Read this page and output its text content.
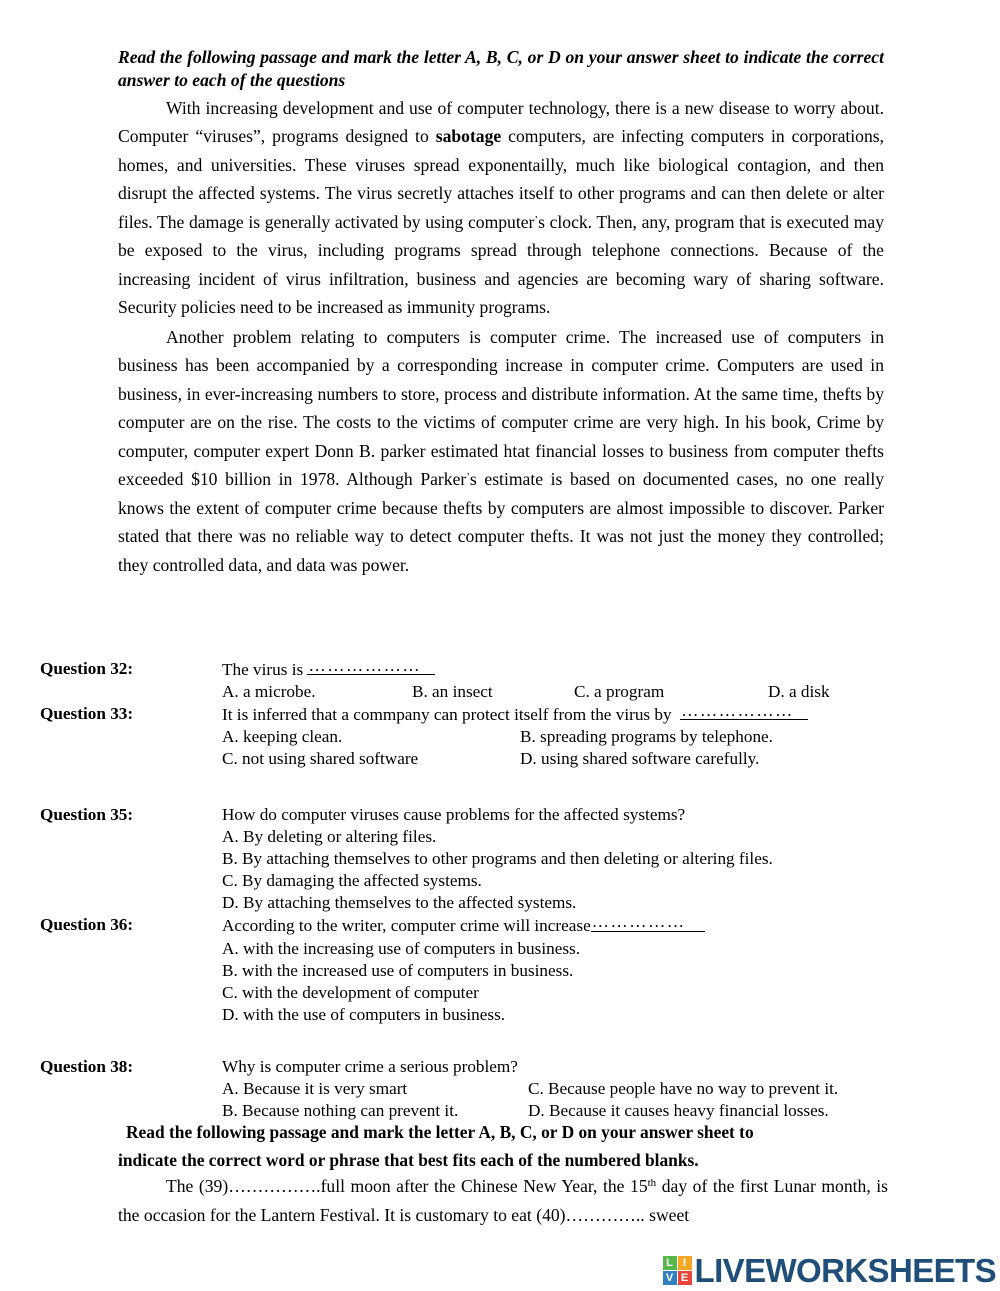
Read the following passage and mark the letter A, B, C, or D on your answer sheet to indicate the correct answer to each of the questions

With increasing development and use of computer technology, there is a new disease to worry about. Computer “viruses”, programs designed to sabotage computers, are infecting computers in corporations, homes, and universities. These viruses spread exponentailly, much like biological contagion, and then disrupt the affected systems. The virus secretly attaches itself to other programs and can then delete or alter files. The damage is generally activated by using computer’s clock. Then, any, program that is executed may be exposed to the virus, including programs spread through telephone connections. Because of the increasing incident of virus infiltration, business and agencies are becoming wary of sharing software. Security policies need to be increased as immunity programs.

Another problem relating to computers is computer crime. The increased use of computers in business has been accompanied by a corresponding increase in computer crime. Computers are used in business, in ever-increasing numbers to store, process and distribute information. At the same time, thefts by computer are on the rise. The costs to the victims of computer crime are very high. In his book, Crime by computer, computer expert Donn B. parker estimated htat financial losses to business from computer thefts exceeded $10 billion in 1978. Although Parker’s estimate is based on documented cases, no one really knows the extent of computer crime because thefts by computers are almost impossible to discover. Parker stated that there was no reliable way to detect computer thefts. It was not just the money they controlled; they controlled data, and data was power.

Question 32:	The virus is ………………
A. a microbe.	B. an insect	C. a program	D. a disk
Question 33:	It is inferred that a commpany can protect itself from the virus by ………………
A. keeping clean.	B. spreading programs by telephone.
C. not using shared software	D. using shared software carefully.
Question 35:	How do computer viruses cause problems for the affected systems?
A. By deleting or altering files.
B. By attaching themselves to other programs and then deleting or altering files.
C. By damaging the affected systems.
D. By attaching themselves to the affected systems.
Question 36:	According to the writer, computer crime will increase ……………
A. with the increasing use of computers in business.
B. with the increased use of computers in business.
C. with the development of computer
D. with the use of computers in business.
Question 38:	Why is computer crime a serious problem?
A. Because it is very smart	C. Because people have no way to prevent it.
B. Because nothing can prevent it.	D. Because it causes heavy financial losses.
Read the following passage and mark the letter A, B, C, or D on your answer sheet to
indicate the correct word or phrase that best fits each of the numbered blanks.
The (39)…………….full moon after the Chinese New Year, the 15th day of the first Lunar month, is the occasion for the Lantern Festival. It is customary to eat (40)………….. sweet
L I
V E LIVEWORKSHEETS
